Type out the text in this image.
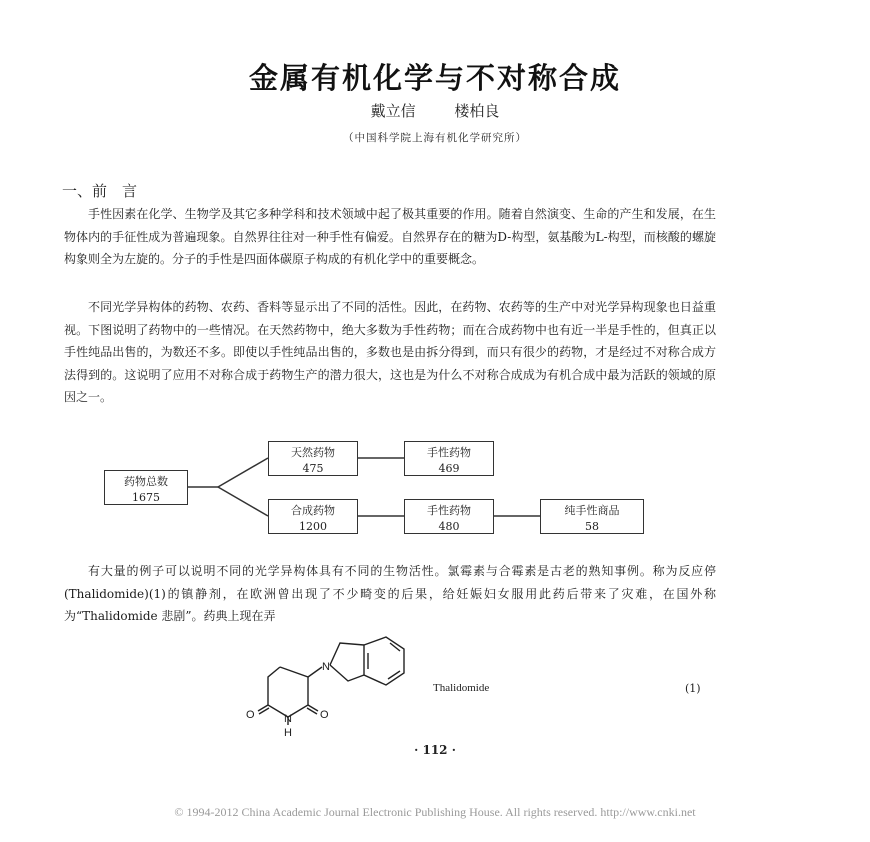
金属有机化学与不对称合成
戴立信 楼柏良
（中国科学院上海有机化学研究所）
一、前　言
手性因素在化学、生物学及其它多种学科和技术领域中起了极其重要的作用。随着自然演变、生命的产生和发展，在生物体内的手征性成为普遍现象。自然界往往对一种手性有偏爱。自然界存在的糖为D-构型，氨基酸为L-构型，而核酸的螺旋构象则全为左旋的。分子的手性是四面体碳原子构成的有机化学中的重要概念。
不同光学异构体的药物、农药、香料等显示出了不同的活性。因此，在药物、农药等的生产中对光学异构现象也日益重视。下图说明了药物中的一些情况。在天然药物中，绝大多数为手性药物；而在合成药物中也有近一半是手性的，但真正以手性纯品出售的，为数还不多。即使以手性纯品出售的，多数也是由拆分得到，而只有很少的药物，才是经过不对称合成方法得到的。这说明了应用不对称合成于药物生产的潜力很大，这也是为什么不对称合成成为有机合成中最为活跃的领域的原因之一。
药物总数
1675
天然药物
475
手性药物
469
合成药物
1200
手性药物
480
纯手性商品
58
有大量的例子可以说明不同的光学异构体具有不同的生物活性。氯霉素与合霉素是古老的熟知事例。称为反应停(Thalidomide)(1)的镇静剂，在欧洲曾出现了不少畸变的后果，给妊娠妇女服用此药后带来了灾难，在国外称为“Thalidomide 悲剧”。药典上现在弄
N
N
H
O	O
Thalidomide	(1)
· 112 ·
© 1994-2012 China Academic Journal Electronic Publishing House. All rights reserved. http://www.cnki.net
